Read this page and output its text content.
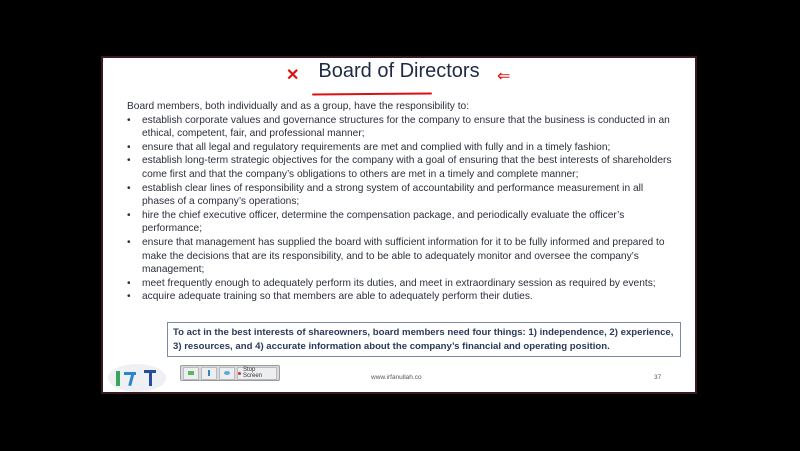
Board of Directors
✕	⇐
Board members, both individually and as a group, have the responsibility to:
• establish corporate values and governance structures for the company to ensure that the business is conducted in an ethical, competent, fair, and professional manner;
• ensure that all legal and regulatory requirements are met and complied with fully and in a timely fashion;
• establish long-term strategic objectives for the company with a goal of ensuring that the best interests of shareholders come first and that the company’s obligations to others are met in a timely and complete manner;
• establish clear lines of responsibility and a strong system of accountability and performance measurement in all phases of a company’s operations;
• hire the chief executive officer, determine the compensation package, and periodically evaluate the officer’s performance;
• ensure that management has supplied the board with sufficient information for it to be fully informed and prepared to make the decisions that are its responsibility, and to be able to adequately monitor and oversee the company’s management;
• meet frequently enough to adequately perform its duties, and meet in extraordinary session as required by events;
• acquire adequate training so that members are able to adequately perform their duties.
To act in the best interests of shareowners, board members need four things: 1) independence, 2) experience, 3) resources, and 4) accurate information about the company’s financial and operating position.
Stop Screen	www.irfanullah.co	37
